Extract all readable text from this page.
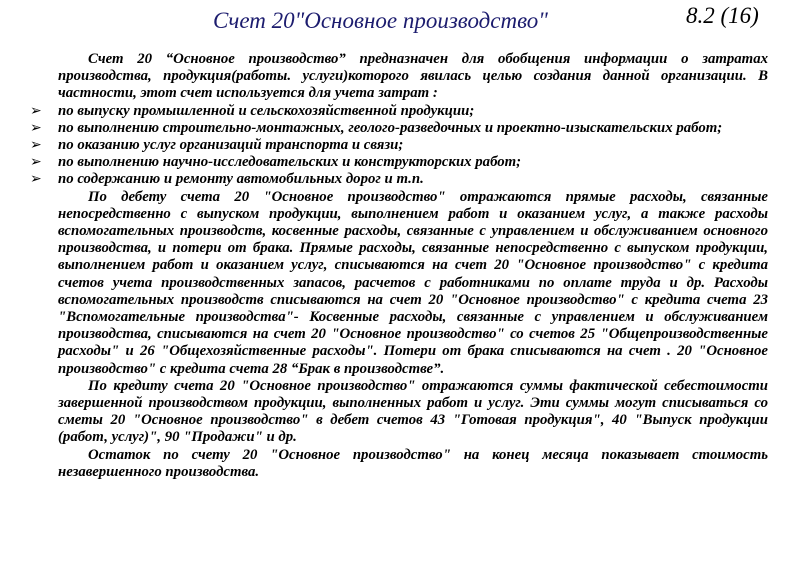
Счет 20"Основное производство"	8.2 (16)

Счет 20 “Основное производство” предназначен для обобщения информации о затратах производства, продукция(работы. услуги)которого явилась целью создания данной организации. В частности, этот счет используется для учета затрат :

➢ по выпуску промышленной и сельскохозяйственной продукции;
➢ по выполнению строительно-монтажных, геолого-разведочных и проектно-изыскательских работ;
➢ по оказанию услуг организаций транспорта и связи;
➢ по выполнению научно-исследовательских и конструкторских работ;
➢ по содержанию и ремонту автомобильных дорог и т.п.

По дебету счета 20 "Основное производство" отражаются прямые расходы, связанные непосредственно с выпуском продукции, выполнением работ и оказанием услуг, а также расходы вспомогательных производств, косвенные расходы, связанные с управлением и обслуживанием основного производства, и потери от брака. Прямые расходы, связанные непосредственно с выпуском продукции, выполнением работ и оказанием услуг, списываются на счет 20 "Основное производство" с кредита счетов учета производственных запасов, расчетов с работниками по оплате труда и др. Расходы вспомогательных производств списываются на счет 20 "Основное производство" с кредита счета 23 "Вспомогательные производства"- Косвенные расходы, связанные с управлением и обслуживанием производства, списываются на счет 20 "Основное производство" со счетов 25 "Общепроизводственные расходы" и 26 "Общехозяйственные расходы". Потери от брака списываются на счет . 20 "Основное производство" с кредита счета 28 “Брак в производстве”.

По кредиту счета 20 "Основное производство" отражаются суммы фактической себестоимости завершенной производством продукции, выполненных работ и услуг. Эти суммы могут списываться со сметы 20 "Основное производство" в дебет счетов 43 "Готовая продукция", 40 "Выпуск продукции (работ, услуг)", 90 "Продажи" и др.

Остаток по счету 20 "Основное производство" на конец месяца показывает стоимость незавершенного производства.
